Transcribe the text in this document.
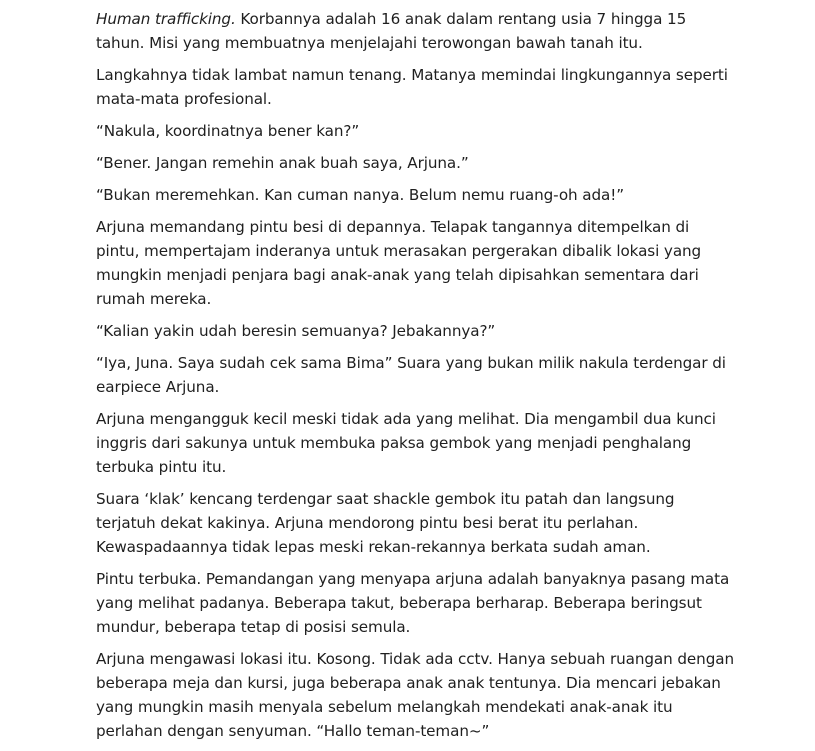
Human trafficking. Korbannya adalah 16 anak dalam rentang usia 7 hingga 15 tahun. Misi yang membuatnya menjelajahi terowongan bawah tanah itu.

Langkahnya tidak lambat namun tenang. Matanya memindai lingkungannya seperti mata-mata profesional.

“Nakula, koordinatnya bener kan?”

“Bener. Jangan remehin anak buah saya, Arjuna.”

“Bukan meremehkan. Kan cuman nanya. Belum nemu ruang-oh ada!”

Arjuna memandang pintu besi di depannya. Telapak tangannya ditempelkan di pintu, mempertajam inderanya untuk merasakan pergerakan dibalik lokasi yang mungkin menjadi penjara bagi anak-anak yang telah dipisahkan sementara dari rumah mereka.

“Kalian yakin udah beresin semuanya? Jebakannya?”

“Iya, Juna. Saya sudah cek sama Bima” Suara yang bukan milik nakula terdengar di earpiece Arjuna.

Arjuna mengangguk kecil meski tidak ada yang melihat. Dia mengambil dua kunci inggris dari sakunya untuk membuka paksa gembok yang menjadi penghalang terbuka pintu itu.

Suara ‘klak’ kencang terdengar saat shackle gembok itu patah dan langsung terjatuh dekat kakinya. Arjuna mendorong pintu besi berat itu perlahan. Kewaspadaannya tidak lepas meski rekan-rekannya berkata sudah aman.

Pintu terbuka. Pemandangan yang menyapa arjuna adalah banyaknya pasang mata yang melihat padanya. Beberapa takut, beberapa berharap. Beberapa beringsut mundur, beberapa tetap di posisi semula.

Arjuna mengawasi lokasi itu. Kosong. Tidak ada cctv. Hanya sebuah ruangan dengan beberapa meja dan kursi, juga beberapa anak anak tentunya. Dia mencari jebakan yang mungkin masih menyala sebelum melangkah mendekati anak-anak itu perlahan dengan senyuman. “Hallo teman-teman~”
